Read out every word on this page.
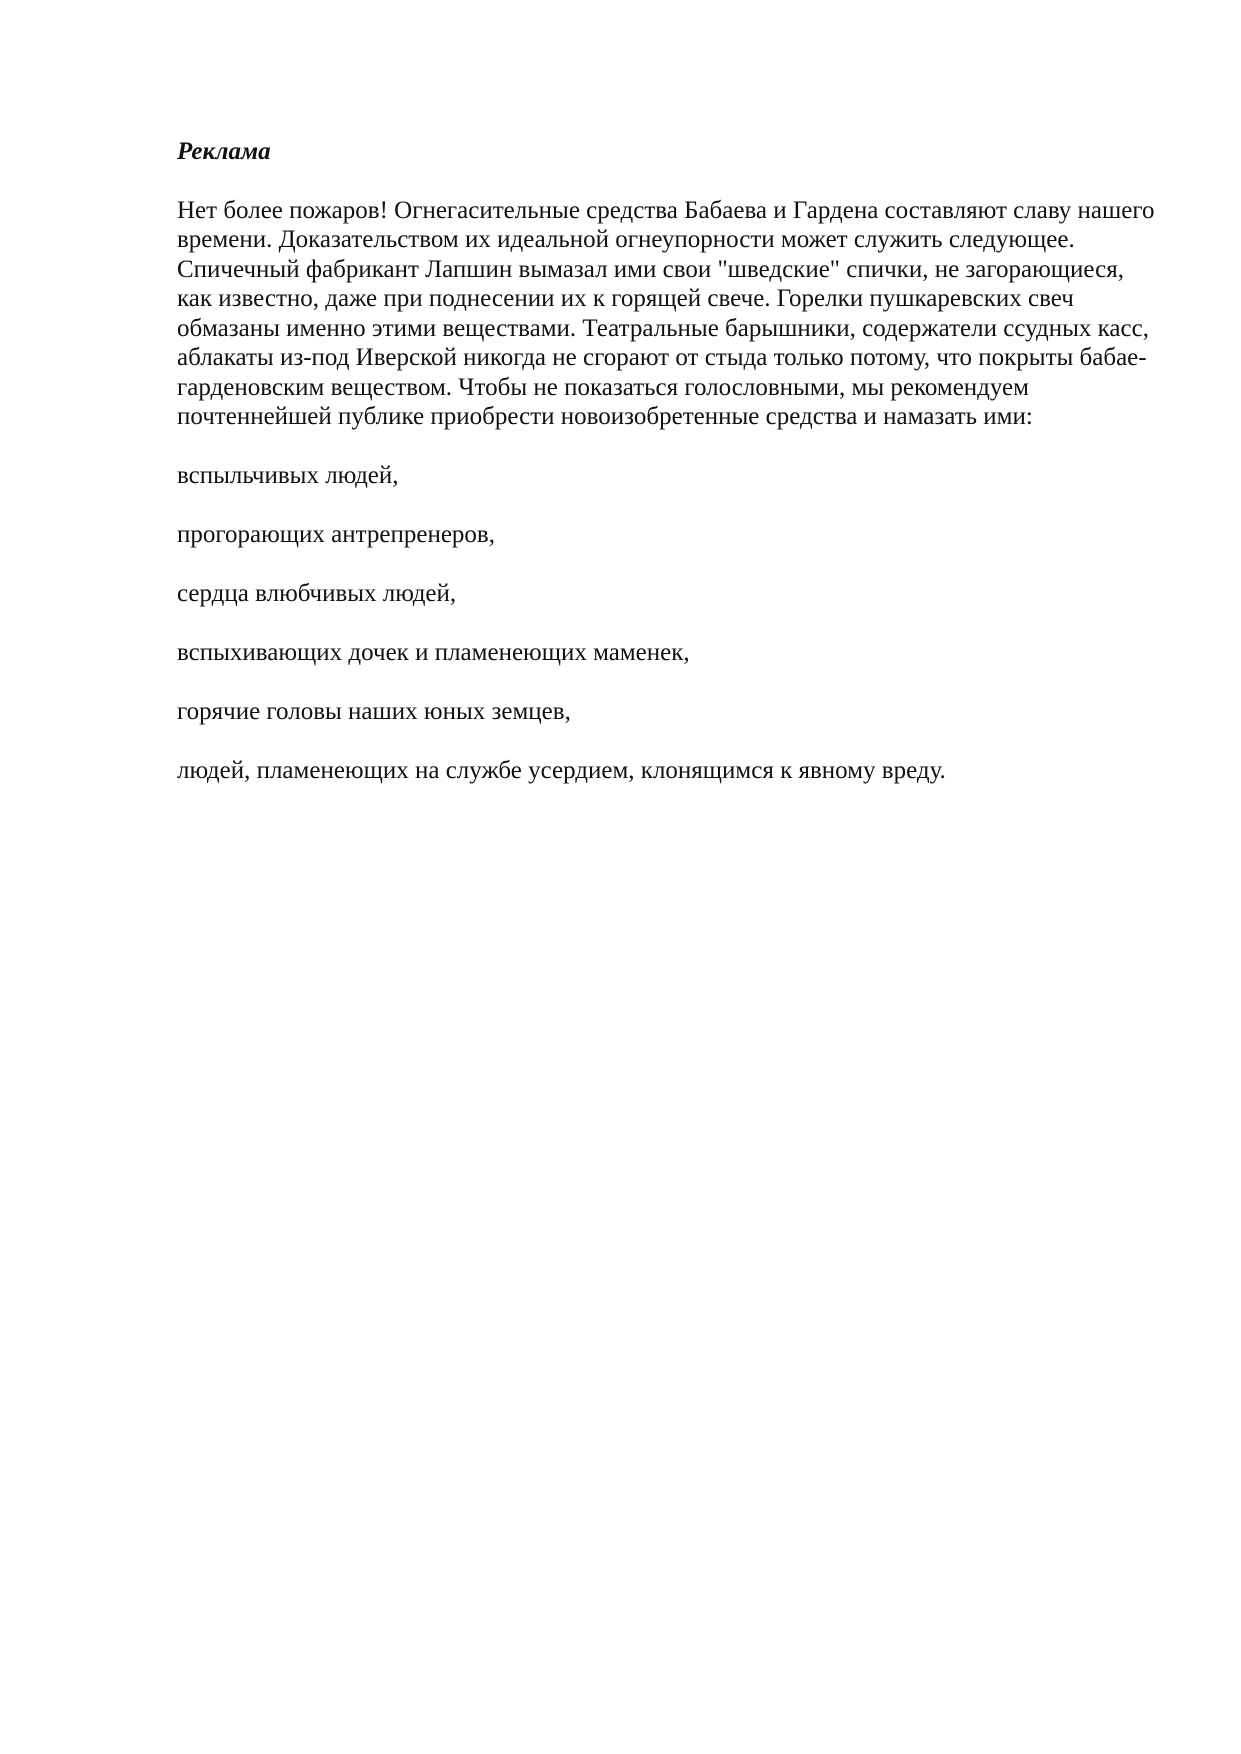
Реклама

Нет более пожаров! Огнегасительные средства Бабаева и Гардена составляют славу нашего времени. Доказательством их идеальной огнеупорности может служить следующее. Спичечный фабрикант Лапшин вымазал ими свои "шведские" спички, не загорающиеся, как известно, даже при поднесении их к горящей свече. Горелки пушкаревских свеч обмазаны именно этими веществами. Театральные барышники, содержатели ссудных касс, аблакаты из-под Иверской никогда не сгорают от стыда только потому, что покрыты бабае-гарденовским веществом. Чтобы не показаться голословными, мы рекомендуем почтеннейшей публике приобрести новоизобретенные средства и намазать ими:

вспыльчивых людей,

прогорающих антрепренеров,

сердца влюбчивых людей,

вспыхивающих дочек и пламенеющих маменек,

горячие головы наших юных земцев,

людей, пламенеющих на службе усердием, клонящимся к явному вреду.
